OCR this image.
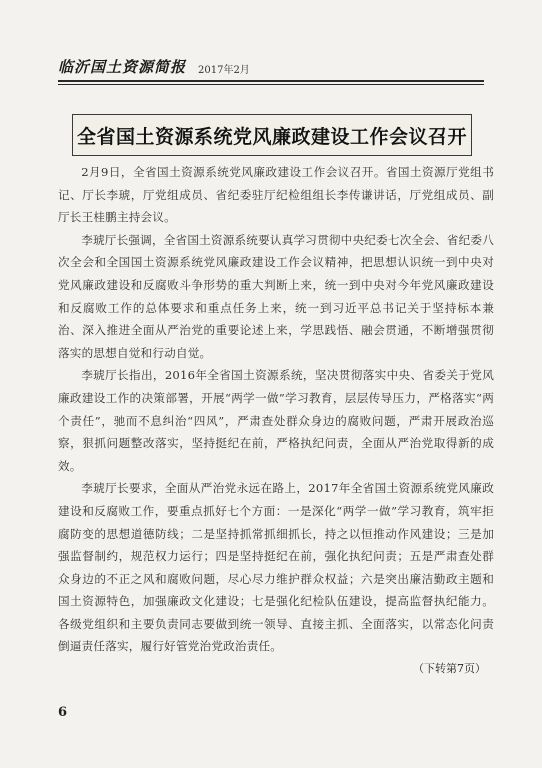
临沂国土资源简报 2017年2月
全省国土资源系统党风廉政建设工作会议召开

2月9日，全省国土资源系统党风廉政建设工作会议召开。省国土资源厅党组书记、厅长李琥，厅党组成员、省纪委驻厅纪检组组长李传谦讲话，厅党组成员、副厅长王桂鹏主持会议。

李琥厅长强调，全省国土资源系统要认真学习贯彻中央纪委七次全会、省纪委八次全会和全国国土资源系统党风廉政建设工作会议精神，把思想认识统一到中央对党风廉政建设和反腐败斗争形势的重大判断上来，统一到中央对今年党风廉政建设和反腐败工作的总体要求和重点任务上来，统一到习近平总书记关于坚持标本兼治、深入推进全面从严治党的重要论述上来，学思践悟、融会贯通，不断增强贯彻落实的思想自觉和行动自觉。

李琥厅长指出，2016年全省国土资源系统，坚决贯彻落实中央、省委关于党风廉政建设工作的决策部署，开展“两学一做”学习教育，层层传导压力，严格落实“两个责任”，驰而不息纠治“四风”，严肃查处群众身边的腐败问题，严肃开展政治巡察，狠抓问题整改落实，坚持挺纪在前，严格执纪问责，全面从严治党取得新的成效。

李琥厅长要求，全面从严治党永远在路上，2017年全省国土资源系统党风廉政建设和反腐败工作，要重点抓好七个方面：一是深化“两学一做”学习教育，筑牢拒腐防变的思想道德防线；二是坚持抓常抓细抓长，持之以恒推动作风建设；三是加强监督制约，规范权力运行；四是坚持挺纪在前，强化执纪问责；五是严肃查处群众身边的不正之风和腐败问题，尽心尽力维护群众权益；六是突出廉洁勤政主题和国土资源特色，加强廉政文化建设；七是强化纪检队伍建设，提高监督执纪能力。各级党组织和主要负责同志要做到统一领导、直接主抓、全面落实，以常态化问责倒逼责任落实，履行好管党治党政治责任。

（下转第7页）
6
